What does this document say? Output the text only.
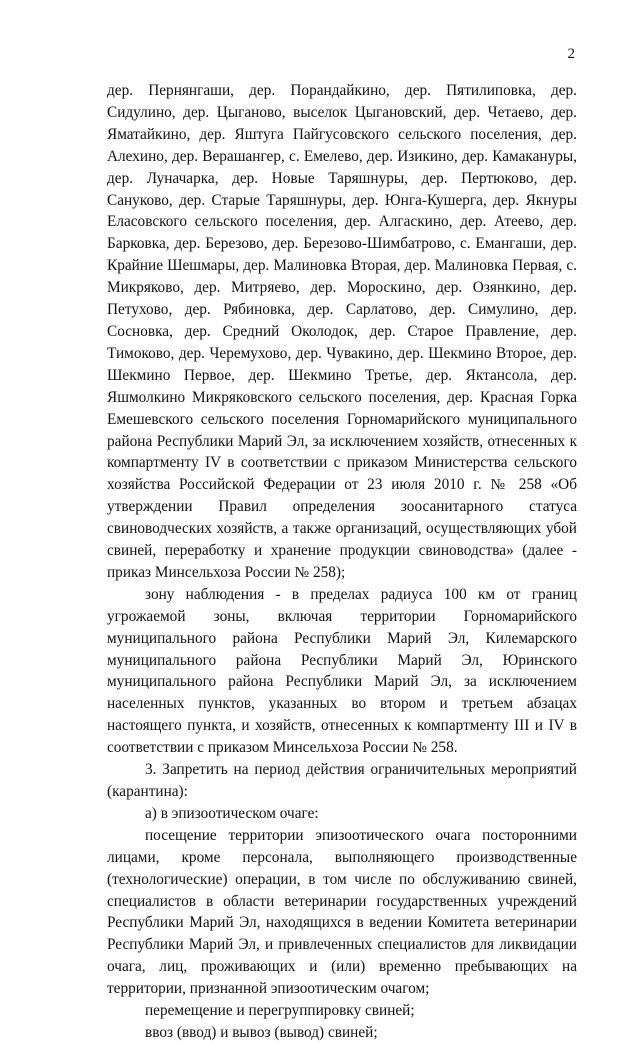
2

дер. Пернянгаши, дер. Порандайкино, дер. Пятилиповка, дер. Сидулино, дер. Цыганово, выселок Цыгановский, дер. Четаево, дер. Яматайкино, дер. Яштуга Пайгусовского сельского поселения, дер. Алехино, дер. Верашангер, с. Емелево, дер. Изикино, дер. Камакануры, дер. Луначарка, дер. Новые Таряшнуры, дер. Пертюково, дер. Сануково, дер. Старые Таряшнуры, дер. Юнга-Кушерга, дер. Якнуры Еласовского сельского поселения, дер. Алгаскино, дер. Атеево, дер. Барковка, дер. Березово, дер. Березово-Шимбатрово, с. Емангаши, дер. Крайние Шешмары, дер. Малиновка Вторая, дер. Малиновка Первая, с. Микряково, дер. Митряево, дер. Мороскино, дер. Озянкино, дер. Петухово, дер. Рябиновка, дер. Сарлатово, дер. Симулино, дер. Сосновка, дер. Средний Околодок, дер. Старое Правление, дер. Тимоково, дер. Черемухово, дер. Чувакино, дер. Шекмино Второе, дер. Шекмино Первое, дер. Шекмино Третье, дер. Яктансола, дер. Яшмолкино Микряковского сельского поселения, дер. Красная Горка Емешевского сельского поселения Горномарийского муниципального района Республики Марий Эл, за исключением хозяйств, отнесенных к компартменту IV в соответствии с приказом Министерства сельского хозяйства Российской Федерации от 23 июля 2010 г. № 258 «Об утверждении Правил определения зоосанитарного статуса свиноводческих хозяйств, а также организаций, осуществляющих убой свиней, переработку и хранение продукции свиноводства» (далее - приказ Минсельхоза России № 258);

зону наблюдения - в пределах радиуса 100 км от границ угрожаемой зоны, включая территории Горномарийского муниципального района Республики Марий Эл, Килемарского муниципального района Республики Марий Эл, Юринского муниципального района Республики Марий Эл, за исключением населенных пунктов, указанных во втором и третьем абзацах настоящего пункта, и хозяйств, отнесенных к компартменту III и IV в соответствии с приказом Минсельхоза России № 258.

3. Запретить на период действия ограничительных мероприятий (карантина):

а) в эпизоотическом очаге:

посещение территории эпизоотического очага посторонними лицами, кроме персонала, выполняющего производственные (технологические) операции, в том числе по обслуживанию свиней, специалистов в области ветеринарии государственных учреждений Республики Марий Эл, находящихся в ведении Комитета ветеринарии Республики Марий Эл, и привлеченных специалистов для ликвидации очага, лиц, проживающих и (или) временно пребывающих на территории, признанной эпизоотическим очагом;

перемещение и перегруппировку свиней;

ввоз (ввод) и вывоз (вывод) свиней;
